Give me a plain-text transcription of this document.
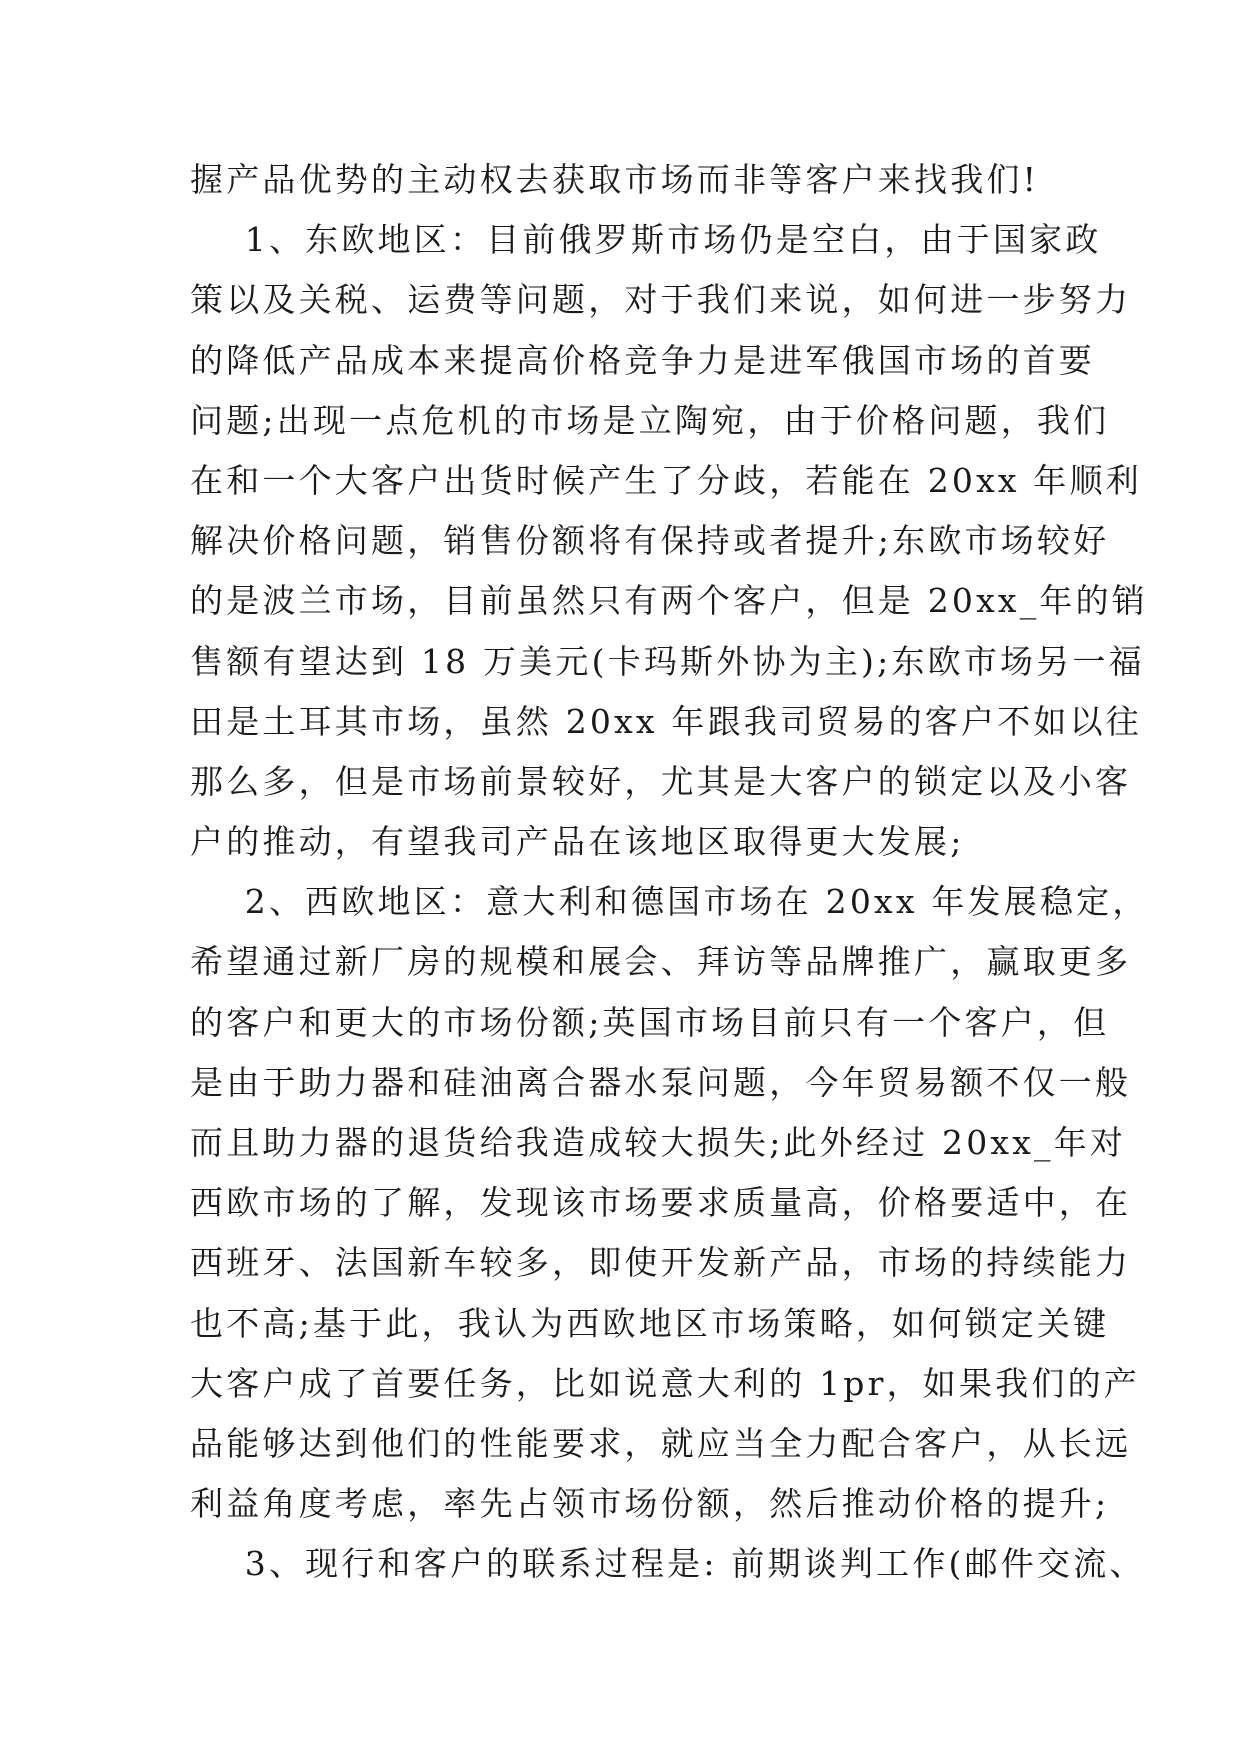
握产品优势的主动权去获取市场而非等客户来找我们!
1、东欧地区：目前俄罗斯市场仍是空白，由于国家政
策以及关税、运费等问题，对于我们来说，如何进一步努力
的降低产品成本来提高价格竞争力是进军俄国市场的首要
问题;出现一点危机的市场是立陶宛，由于价格问题，我们
在和一个大客户出货时候产生了分歧，若能在 20xx 年顺利
解决价格问题，销售份额将有保持或者提升;东欧市场较好
的是波兰市场，目前虽然只有两个客户，但是 20xx_年的销
售额有望达到 18 万美元(卡玛斯外协为主);东欧市场另一福
田是土耳其市场，虽然 20xx 年跟我司贸易的客户不如以往
那么多，但是市场前景较好，尤其是大客户的锁定以及小客
户的推动，有望我司产品在该地区取得更大发展;
2、西欧地区：意大利和德国市场在 20xx 年发展稳定，
希望通过新厂房的规模和展会、拜访等品牌推广，赢取更多
的客户和更大的市场份额;英国市场目前只有一个客户，但
是由于助力器和硅油离合器水泵问题，今年贸易额不仅一般
而且助力器的退货给我造成较大损失;此外经过 20xx_年对
西欧市场的了解，发现该市场要求质量高，价格要适中，在
西班牙、法国新车较多，即使开发新产品，市场的持续能力
也不高;基于此，我认为西欧地区市场策略，如何锁定关键
大客户成了首要任务，比如说意大利的 1pr，如果我们的产
品能够达到他们的性能要求，就应当全力配合客户，从长远
利益角度考虑，率先占领市场份额，然后推动价格的提升;
3、现行和客户的联系过程是: 前期谈判工作(邮件交流、
